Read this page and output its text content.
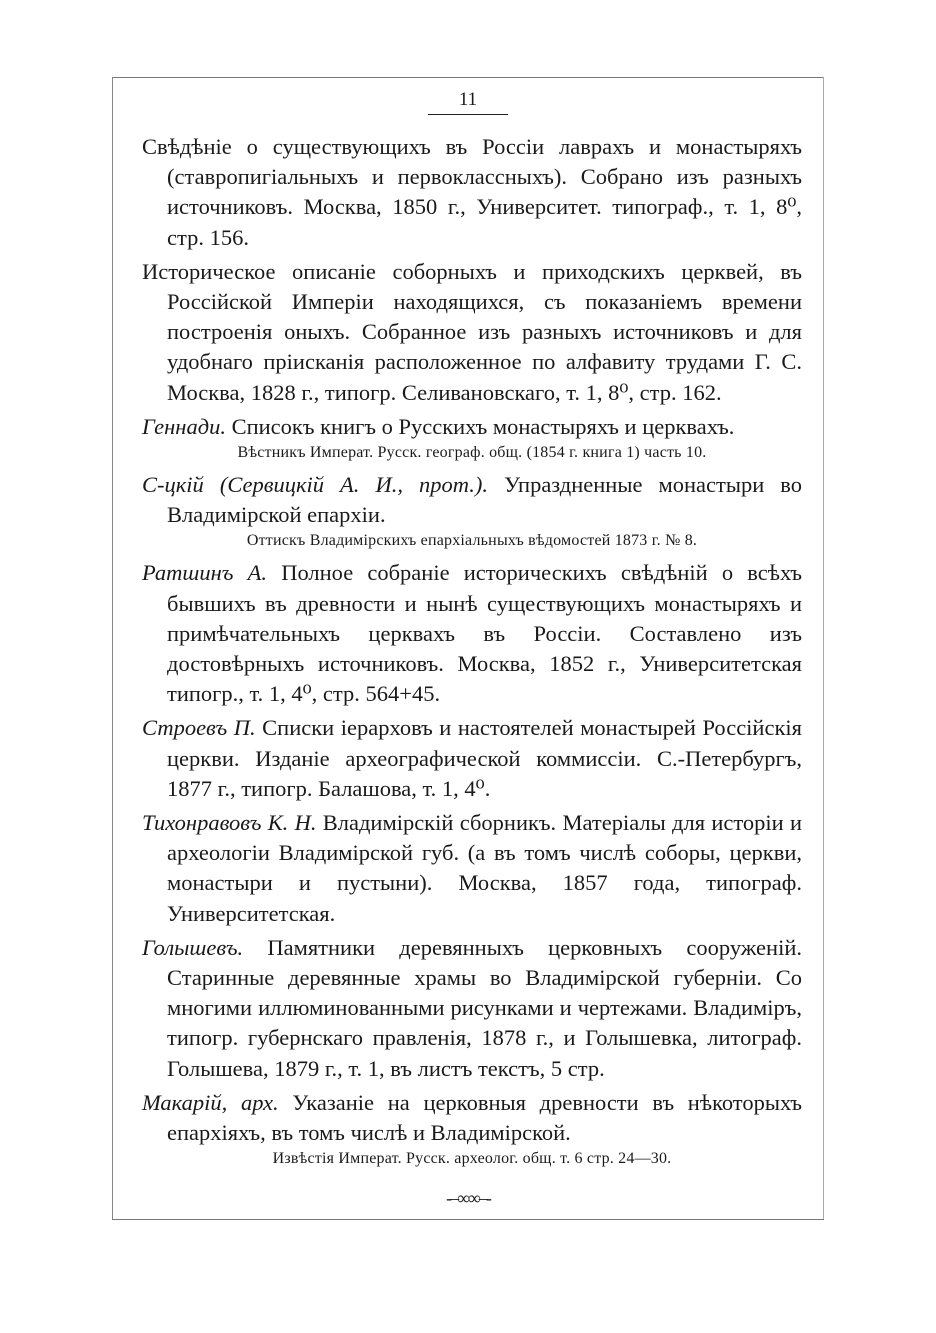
11

Свѣдѣніе о существующихъ въ Россіи лаврахъ и монастыряхъ (ставропигіальныхъ и первоклассныхъ). Собрано изъ разныхъ источниковъ. Москва, 1850 г., Университет. типограф., т. 1, 8⁰, стр. 156.

Историческое описаніе соборныхъ и приходскихъ церквей, въ Россійской Имперіи находящихся, съ показаніемъ времени построенія оныхъ. Собранное изъ разныхъ источниковъ и для удобнаго пріисканія расположенное по алфавиту трудами Г. С. Москва, 1828 г., типогр. Селивановскаго, т. 1, 8⁰, стр. 162.

Геннади. Списокъ книгъ о Русскихъ монастыряхъ и церквахъ.

Вѣстникъ Императ. Русск. географ. общ. (1854 г. книга 1) часть 10.

С-цкій (Сервицкій А. И., прот.). Упраздненные монастыри во Владимірской епархіи.

Оттискъ Владимірскихъ епархіальныхъ вѣдомостей 1873 г. № 8.

Ратшинъ А. Полное собраніе историческихъ свѣдѣній о всѣхъ бывшихъ въ древности и нынѣ существующихъ монастыряхъ и примѣчательныхъ церквахъ въ Россіи. Составлено изъ достовѣрныхъ источниковъ. Москва, 1852 г., Университетская типогр., т. 1, 4⁰, стр. 564+45.

Строевъ П. Списки іерарховъ и настоятелей монастырей Россійскія церкви. Изданіе археографической коммиссіи. С.-Петербургъ, 1877 г., типогр. Балашова, т. 1, 4⁰.

Тихонравовъ К. Н. Владимірскій сборникъ. Матеріалы для исторіи и археологіи Владимірской губ. (а въ томъ числѣ соборы, церкви, монастыри и пустыни). Москва, 1857 года, типограф. Университетская.

Голышевъ. Памятники деревянныхъ церковныхъ сооруженій. Старинные деревянные храмы во Владимірской губерніи. Со многими иллюминованными рисунками и чертежами. Владиміръ, типогр. губернскаго правленія, 1878 г., и Голышевка, литограф. Голышева, 1879 г., т. 1, въ листъ текстъ, 5 стр.

Макарій, арх. Указаніе на церковныя древности въ нѣкоторыхъ епархіяхъ, въ томъ числѣ и Владимірской.

Извѣстія Императ. Русск. археолог. общ. т. 6 стр. 24—30.

-‒∞∞‒-
